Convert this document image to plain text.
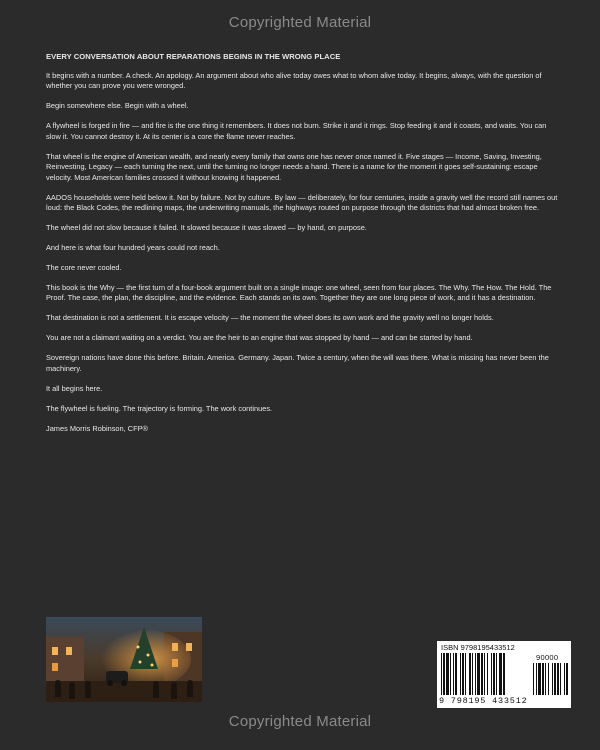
Copyrighted Material
EVERY CONVERSATION ABOUT REPARATIONS BEGINS IN THE WRONG PLACE

It begins with a number. A check. An apology. An argument about who alive today owes what to whom alive today. It begins, always, with the question of whether you can prove you were wronged.

Begin somewhere else. Begin with a wheel.

A flywheel is forged in fire — and fire is the one thing it remembers. It does not burn. Strike it and it rings. Stop feeding it and it coasts, and waits. You can slow it. You cannot destroy it. At its center is a core the flame never reaches.

That wheel is the engine of American wealth, and nearly every family that owns one has never once named it. Five stages — Income, Saving, Investing, Reinvesting, Legacy — each turning the next, until the turning no longer needs a hand. There is a name for the moment it goes self-sustaining: escape velocity. Most American families crossed it without knowing it happened.

AADOS households were held below it. Not by failure. Not by culture. By law — deliberately, for four centuries, inside a gravity well the record still names out loud: the Black Codes, the redlining maps, the underwriting manuals, the highways routed on purpose through the districts that had almost broken free.

The wheel did not slow because it failed. It slowed because it was slowed — by hand, on purpose.

And here is what four hundred years could not reach.

The core never cooled.

This book is the Why — the first turn of a four-book argument built on a single image: one wheel, seen from four places. The Why. The How. The Hold. The Proof. The case, the plan, the discipline, and the evidence. Each stands on its own. Together they are one long piece of work, and it has a destination.

That destination is not a settlement. It is escape velocity — the moment the wheel does its own work and the gravity well no longer holds.

You are not a claimant waiting on a verdict. You are the heir to an engine that was stopped by hand — and can be started by hand.

Sovereign nations have done this before. Britain. America. Germany. Japan. Twice a century, when the will was there. What is missing has never been the machinery.

It all begins here.

The flywheel is fueling. The trajectory is forming. The work continues.

James Morris Robinson, CFP®

ISBN 9798195433512
90000
9 798195 433512
Copyrighted Material
